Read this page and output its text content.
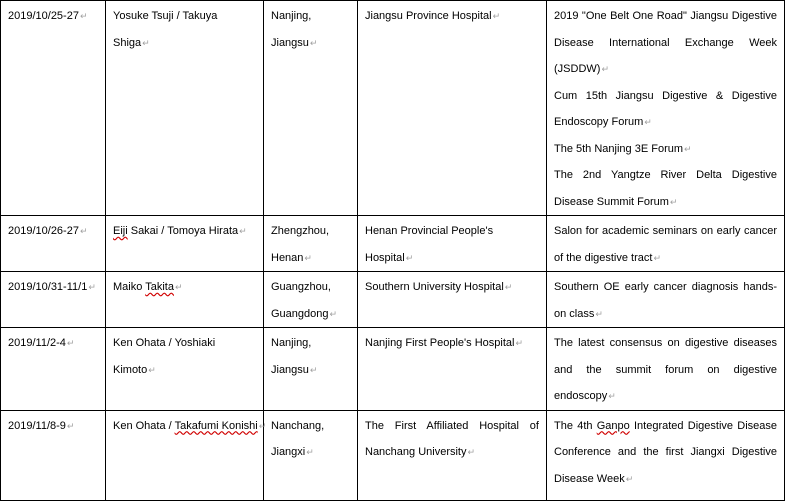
2019/10/25-27↵	Yosuke Tsuji / Takuya Shiga↵	Nanjing, Jiangsu↵	Jiangsu Province Hospital↵	2019 "One Belt One Road" Jiangsu Digestive Disease International Exchange Week (JSDDW)↵
Cum 15th Jiangsu Digestive & Digestive Endoscopy Forum↵
The 5th Nanjing 3E Forum↵
The 2nd Yangtze River Delta Digestive Disease Summit Forum↵

2019/10/26-27↵	Eiji Sakai / Tomoya Hirata↵	Zhengzhou, Henan↵	Henan Provincial People's Hospital↵	Salon for academic seminars on early cancer of the digestive tract↵
2019/10/31-11/1↵	Maiko Takita↵	Guangzhou, Guangdong↵	Southern University Hospital↵	Southern OE early cancer diagnosis hands-on class↵
2019/11/2-4↵	Ken Ohata / Yoshiaki Kimoto↵	Nanjing, Jiangsu↵	Nanjing First People's Hospital↵	The latest consensus on digestive diseases and the summit forum on digestive endoscopy↵
2019/11/8-9↵	Ken Ohata / Takafumi Konishi↵	Nanchang, Jiangxi↵	The First Affiliated Hospital of Nanchang University↵	The 4th Ganpo Integrated Digestive Disease Conference and the first Jiangxi Digestive Disease Week↵
